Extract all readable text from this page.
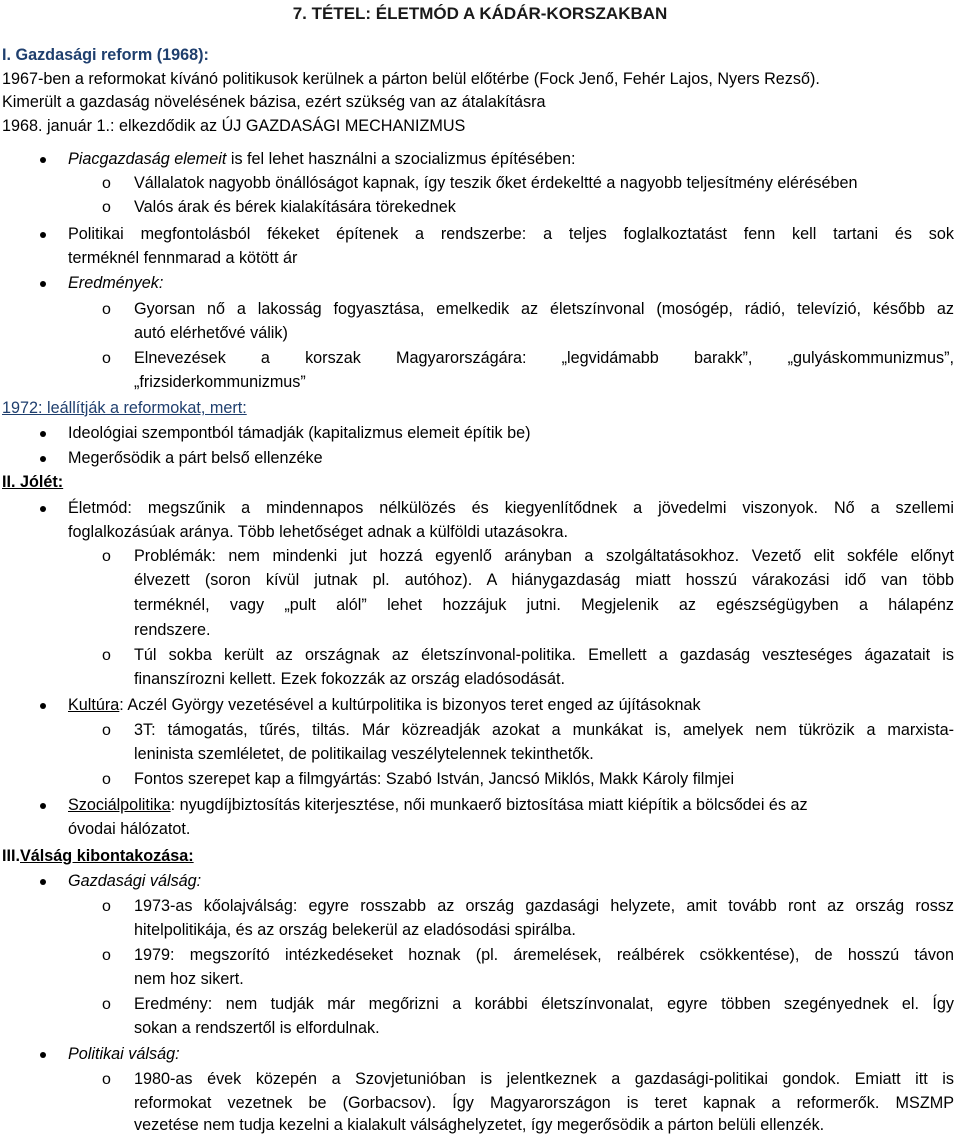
7. TÉTEL: ÉLETMÓD A KÁDÁR-KORSZAKBAN
I. Gazdasági reform (1968):
1967-ben a reformokat kívánó politikusok kerülnek a párton belül előtérbe (Fock Jenő, Fehér Lajos, Nyers Rezső).
Kimerült a gazdaság növelésének bázisa, ezért szükség van az átalakításra
1968. január 1.: elkezdődik az ÚJ GAZDASÁGI MECHANIZMUS
Piacgazdaság elemeit is fel lehet használni a szocializmus építésében:
o Vállalatok nagyobb önállóságot kapnak, így teszik őket érdekeltté a nagyobb teljesítmény elérésében
o Valós árak és bérek kialakítására törekednek
Politikai megfontolásból fékeket építenek a rendszerbe: a teljes foglalkoztatást fenn kell tartani és sok
terméknél fennmarad a kötött ár
Eredmények:
o Gyorsan nő a lakosság fogyasztása, emelkedik az életszínvonal (mosógép, rádió, televízió, később az
autó elérhetővé válik)
o Elnevezések a korszak Magyarországára: „legvidámabb barakk”, „gulyáskommunizmus”,
„frizsiderkommunizmus”
1972: leállítják a reformokat, mert:
Ideológiai szempontból támadják (kapitalizmus elemeit építik be)
Megerősödik a párt belső ellenzéke
II. Jólét:
Életmód: megszűnik a mindennapos nélkülözés és kiegyenlítődnek a jövedelmi viszonyok. Nő a szellemi
foglalkozásúak aránya. Több lehetőséget adnak a külföldi utazásokra.
o Problémák: nem mindenki jut hozzá egyenlő arányban a szolgáltatásokhoz. Vezető elit sokféle előnyt
élvezett (soron kívül jutnak pl. autóhoz). A hiánygazdaság miatt hosszú várakozási idő van több
terméknél, vagy „pult alól” lehet hozzájuk jutni. Megjelenik az egészségügyben a hálapénz
rendszere.
o Túl sokba került az országnak az életszínvonal-politika. Emellett a gazdaság veszteséges ágazatait is
finanszírozni kellett. Ezek fokozzák az ország eladósodását.
Kultúra: Aczél György vezetésével a kultúrpolitika is bizonyos teret enged az újításoknak
o 3T: támogatás, tűrés, tiltás. Már közreadják azokat a munkákat is, amelyek nem tükrözik a marxista-
leninista szemléletet, de politikailag veszélytelennek tekinthetők.
o Fontos szerepet kap a filmgyártás: Szabó István, Jancsó Miklós, Makk Károly filmjei
Szociálpolitika: nyugdíjbiztosítás kiterjesztése, női munkaerő biztosítása miatt kiépítik a bölcsődei és az
óvodai hálózatot.
III.Válság kibontakozása:
Gazdasági válság:
o 1973-as kőolajválság: egyre rosszabb az ország gazdasági helyzete, amit tovább ront az ország rossz
hitelpolitikája, és az ország belekerül az eladósodási spirálba.
o 1979: megszorító intézkedéseket hoznak (pl. áremelések, reálbérek csökkentése), de hosszú távon
nem hoz sikert.
o Eredmény: nem tudják már megőrizni a korábbi életszínvonalat, egyre többen szegényednek el. Így
sokan a rendszertől is elfordulnak.
Politikai válság:
o 1980-as évek közepén a Szovjetunióban is jelentkeznek a gazdasági-politikai gondok. Emiatt itt is
reformokat vezetnek be (Gorbacsov). Így Magyarországon is teret kapnak a reformerők. MSZMP
vezetése nem tudja kezelni a kialakult válsághelyzetet, így megerősödik a párton belüli ellenzék.
